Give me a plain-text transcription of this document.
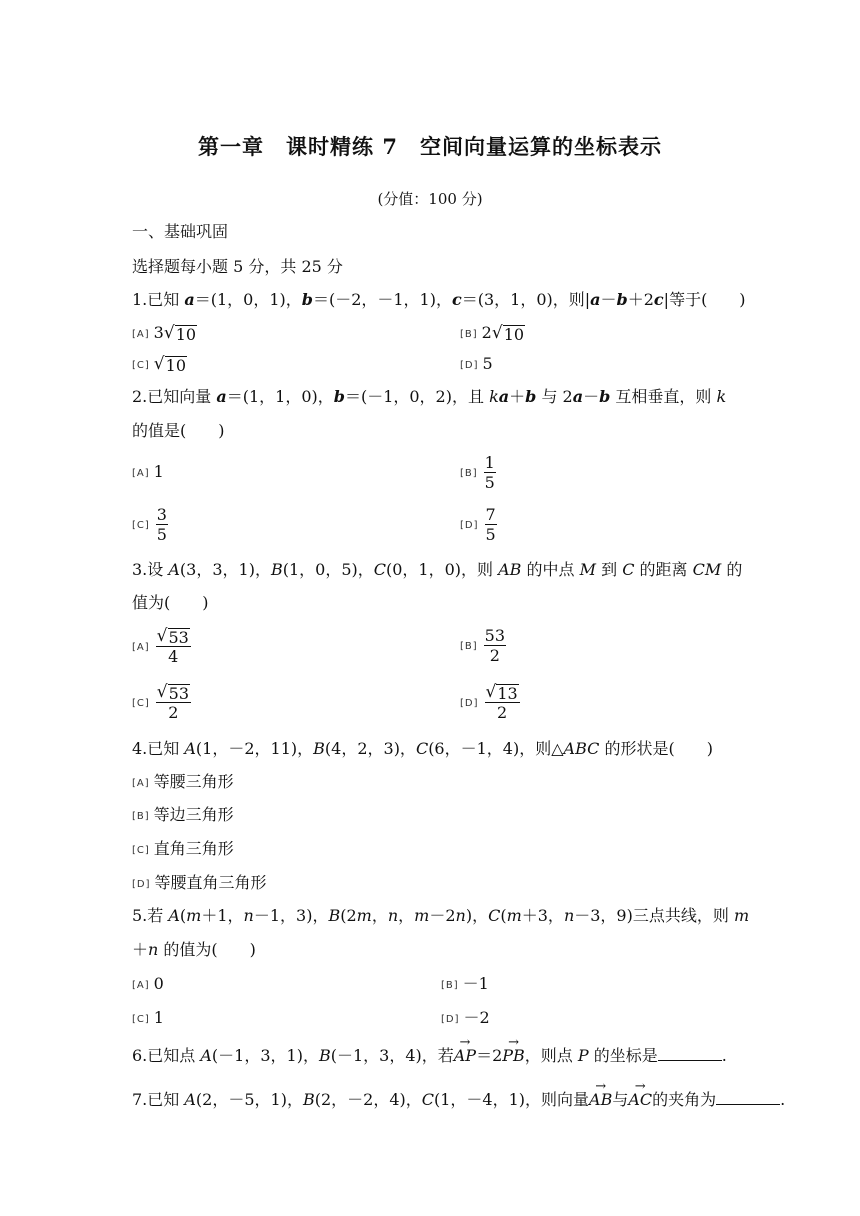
第一章　课时精练 7　空间向量运算的坐标表示
(分值：100 分)
一、基础巩固
选择题每小题 5 分，共 25 分
1.已知 a＝(1，0，1)，b＝(－2，－1，1)，c＝(3，1，0)，则|a－b＋2c|等于(　　)
[A] 3 √ 10	[B] 2 √ 10
[C] √ 10	[D] 5
2.已知向量 a＝(1，1，0)，b＝(－1，0，2)，且 ka＋b 与 2a－b 互相垂直，则 k
的值是(　　)
[A] 1	$[B] \frac{1}{5}$
$[C] \frac{3}{5}$	$[D] \frac{7}{5}$
3.设 A(3，3，1)，B(1，0，5)，C(0，1，0)，则 AB 的中点 M 到 C 的距离 CM 的
值为(　　)
$[A] \frac{√ 53}{4}$	$[B] \frac{53}{2}$
$[C] \frac{√ 53}{2}$	$[D] \frac{√ 13}{2}$
4.已知 A(1，－2，11)，B(4，2，3)，C(6，－1，4)，则△ABC 的形状是(　　)
[A] 等腰三角形
[B] 等边三角形
[C] 直角三角形
[D] 等腰直角三角形
5.若 A(m＋1，n－1，3)，B(2m，n，m－2n)，C(m＋3，n－3，9)三点共线，则 m
＋n 的值为(　　)
[A] 0	[B] －1
[C] 1	[D] －2
6.已知点 A(－1，3，1)，B(－1，3，4)，若AP →＝2PB →，则点 P 的坐标是	.
7.已知 A(2，－5，1)，B(2，－2，4)，C(1，－4，1)，则向量AB →与AC →的夹角为	.
